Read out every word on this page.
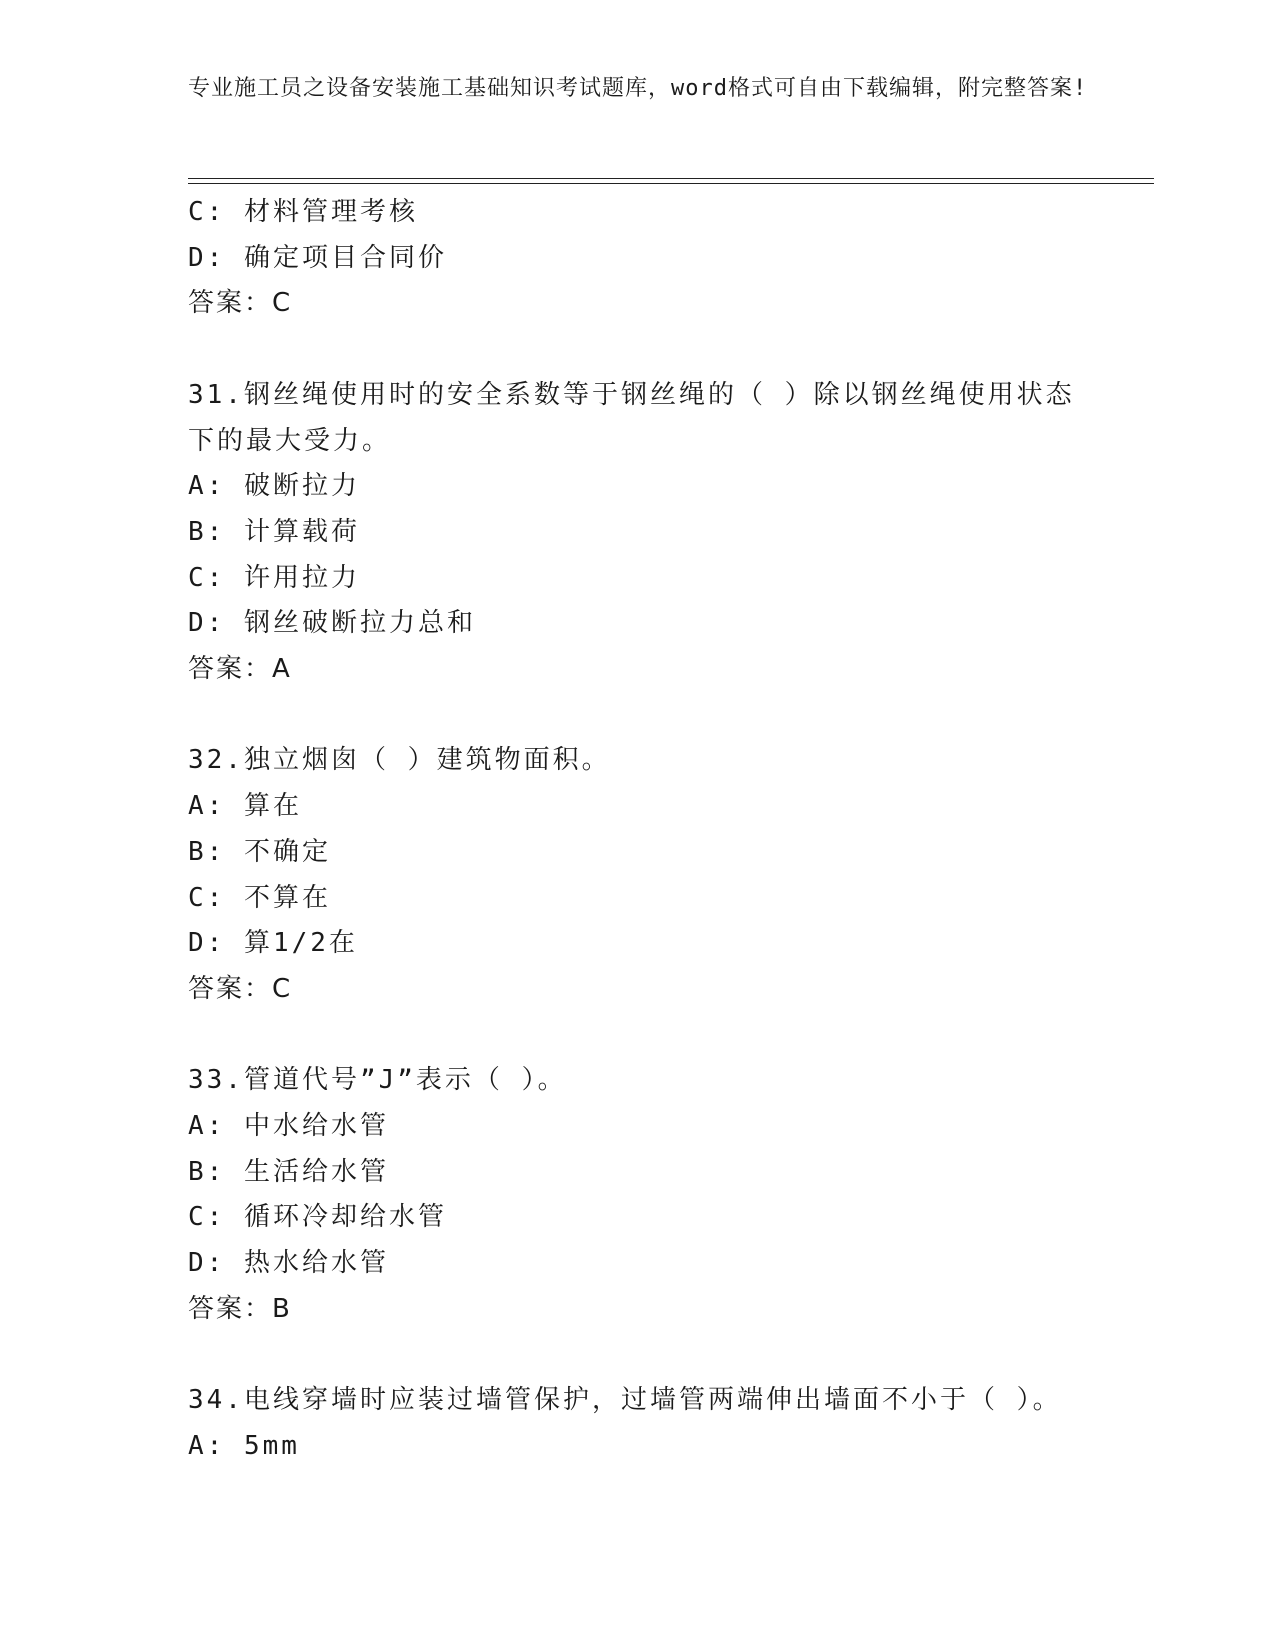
专业施工员之设备安装施工基础知识考试题库，word格式可自由下载编辑，附完整答案!
C: 材料管理考核
D: 确定项目合同价
答案：C
31.钢丝绳使用时的安全系数等于钢丝绳的（ ）除以钢丝绳使用状态
下的最大受力。
A: 破断拉力
B: 计算载荷
C: 许用拉力
D: 钢丝破断拉力总和
答案：A
32.独立烟囱（ ）建筑物面积。
A: 算在
B: 不确定
C: 不算在
D: 算1/2在
答案：C
33.管道代号”J”表示（ ）。
A: 中水给水管
B: 生活给水管
C: 循环冷却给水管
D: 热水给水管
答案：B
34.电线穿墙时应装过墙管保护，过墙管两端伸出墙面不小于（ ）。
A: 5mm
